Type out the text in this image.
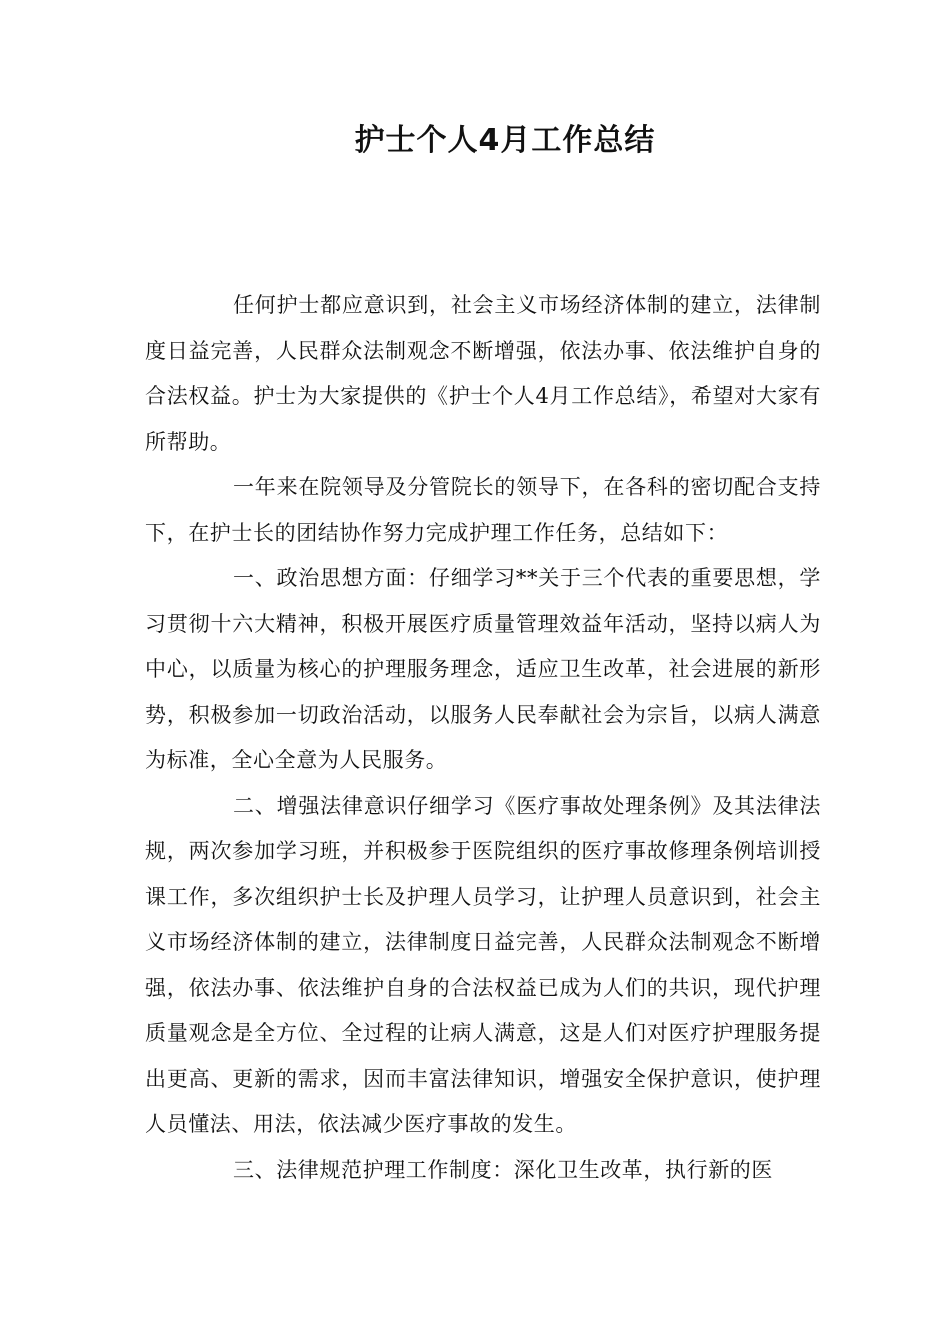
护士个人4月工作总结

任何护士都应意识到，社会主义市场经济体制的建立，法律制度日益完善，人民群众法制观念不断增强，依法办事、依法维护自身的合法权益。护士为大家提供的《护士个人4月工作总结》，希望对大家有所帮助。

一年来在院领导及分管院长的领导下，在各科的密切配合支持下，在护士长的团结协作努力完成护理工作任务，总结如下：

一、政治思想方面：仔细学习**关于三个代表的重要思想，学习贯彻十六大精神，积极开展医疗质量管理效益年活动，坚持以病人为中心，以质量为核心的护理服务理念，适应卫生改革，社会进展的新形势，积极参加一切政治活动，以服务人民奉献社会为宗旨，以病人满意为标准，全心全意为人民服务。

二、增强法律意识仔细学习《医疗事故处理条例》及其法律法规，两次参加学习班，并积极参于医院组织的医疗事故修理条例培训授课工作，多次组织护士长及护理人员学习，让护理人员意识到，社会主义市场经济体制的建立，法律制度日益完善，人民群众法制观念不断增强，依法办事、依法维护自身的合法权益已成为人们的共识，现代护理质量观念是全方位、全过程的让病人满意，这是人们对医疗护理服务提出更高、更新的需求，因而丰富法律知识，增强安全保护意识，使护理人员懂法、用法，依法减少医疗事故的发生。

三、法律规范护理工作制度：深化卫生改革，执行新的医
